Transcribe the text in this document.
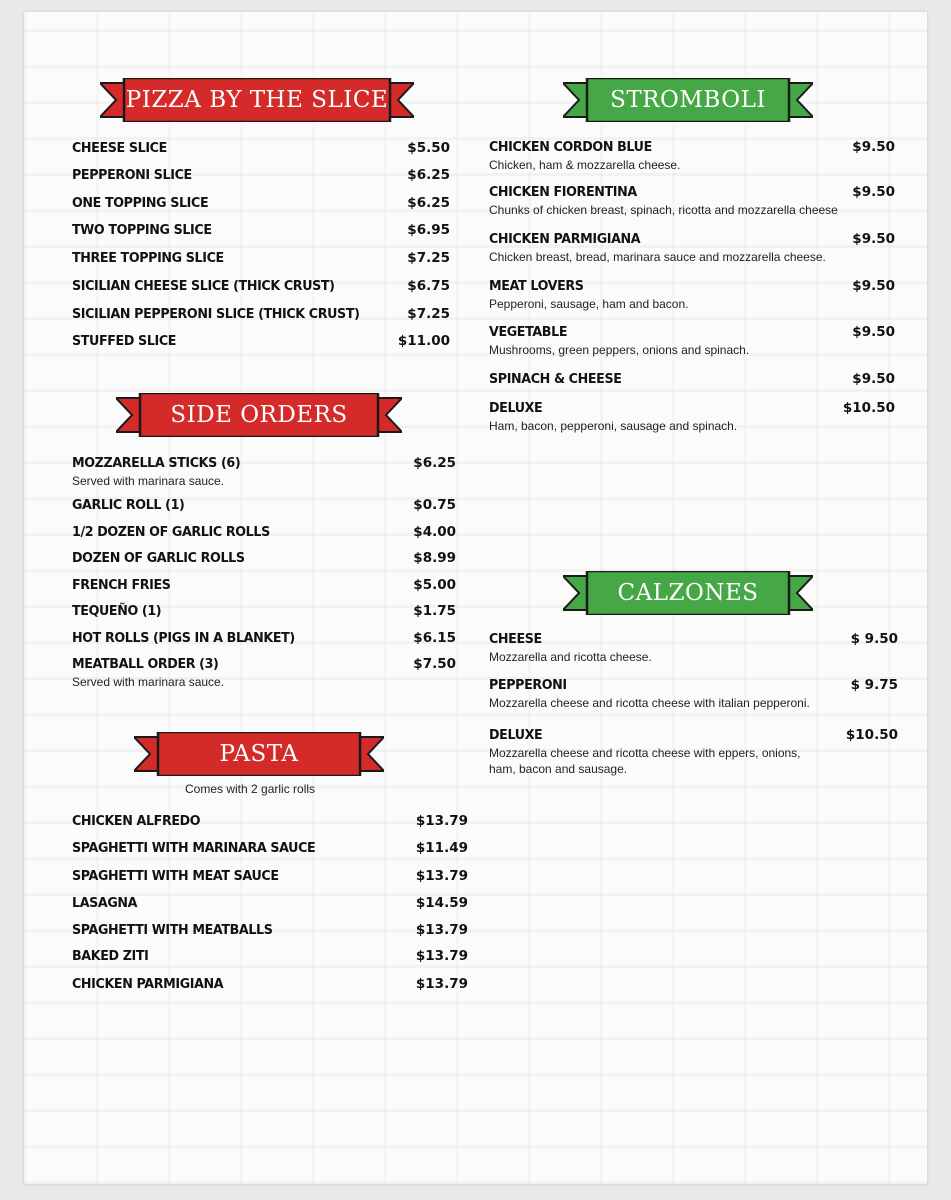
PIZZA BY THE SLICE
CHEESE SLICE	$5.50
PEPPERONI SLICE	$6.25
ONE TOPPING SLICE	$6.25
TWO TOPPING SLICE	$6.95
THREE TOPPING SLICE	$7.25
SICILIAN CHEESE SLICE (THICK CRUST)	$6.75
SICILIAN PEPPERONI SLICE (THICK CRUST)	$7.25
STUFFED SLICE	$11.00
SIDE ORDERS
MOZZARELLA STICKS (6)	$6.25
Served with marinara sauce.
GARLIC ROLL (1)	$0.75
1/2 DOZEN OF GARLIC ROLLS	$4.00
DOZEN OF GARLIC ROLLS	$8.99
FRENCH FRIES	$5.00
TEQUEÑO (1)	$1.75
HOT ROLLS (PIGS IN A BLANKET)	$6.15
MEATBALL ORDER (3)	$7.50
Served with marinara sauce.
PASTA
Comes with 2 garlic rolls
CHICKEN ALFREDO	$13.79
SPAGHETTI WITH MARINARA SAUCE	$11.49
SPAGHETTI WITH MEAT SAUCE	$13.79
LASAGNA	$14.59
SPAGHETTI WITH MEATBALLS	$13.79
BAKED ZITI	$13.79
CHICKEN PARMIGIANA	$13.79
STROMBOLI
CHICKEN CORDON BLUE	$9.50
Chicken, ham & mozzarella cheese.
CHICKEN FIORENTINA	$9.50
Chunks of chicken breast, spinach, ricotta and mozzarella cheese
CHICKEN PARMIGIANA	$9.50
Chicken breast, bread, marinara sauce and mozzarella cheese.
MEAT LOVERS	$9.50
Pepperoni, sausage, ham and bacon.
VEGETABLE	$9.50
Mushrooms, green peppers, onions and spinach.
SPINACH & CHEESE	$9.50
DELUXE	$10.50
Ham, bacon, pepperoni, sausage and spinach.
CALZONES
CHEESE	$ 9.50
Mozzarella and ricotta cheese.
PEPPERONI	$ 9.75
Mozzarella cheese and ricotta cheese with italian pepperoni.
DELUXE	$10.50
Mozzarella cheese and ricotta cheese with eppers, onions,
ham, bacon and sausage.
